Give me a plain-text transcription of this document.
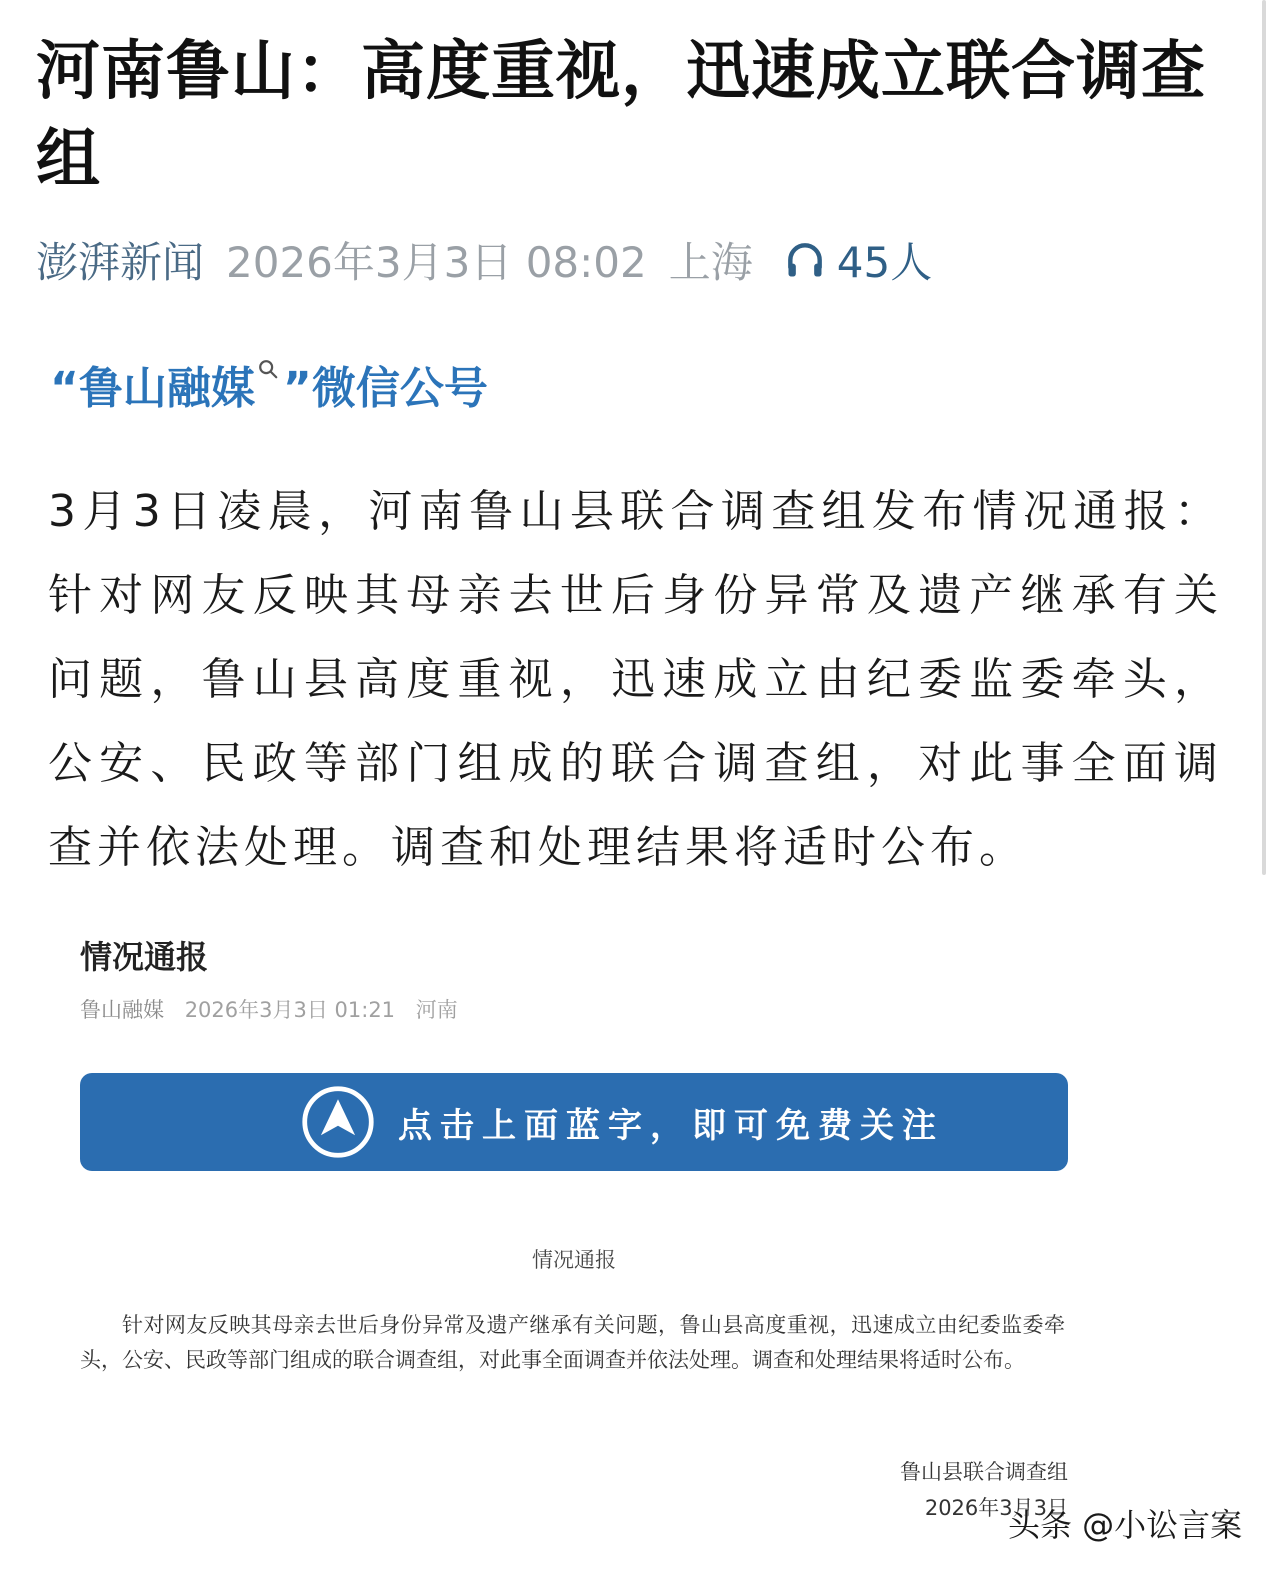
河南鲁山：高度重视，迅速成立联合调查组
澎湃新闻 2026年3月3日 08:02 上海 45人
“鲁山融媒 ”微信公号

3月3日凌晨，河南鲁山县联合调查组发布情况通报：针对网友反映其母亲去世后身份异常及遗产继承有关问题，鲁山县高度重视，迅速成立由纪委监委牵头，公安、民政等部门组成的联合调查组，对此事全面调查并依法处理。调查和处理结果将适时公布。

情况通报
鲁山融媒 2026年3月3日 01:21 河南
点击上面蓝字，即可免费关注
情况通报

针对网友反映其母亲去世后身份异常及遗产继承有关问题，鲁山县高度重视，迅速成立由纪委监委牵头，公安、民政等部门组成的联合调查组，对此事全面调查并依法处理。调查和处理结果将适时公布。

鲁山县联合调查组
2026年3月3日
头条 @小讼言案
